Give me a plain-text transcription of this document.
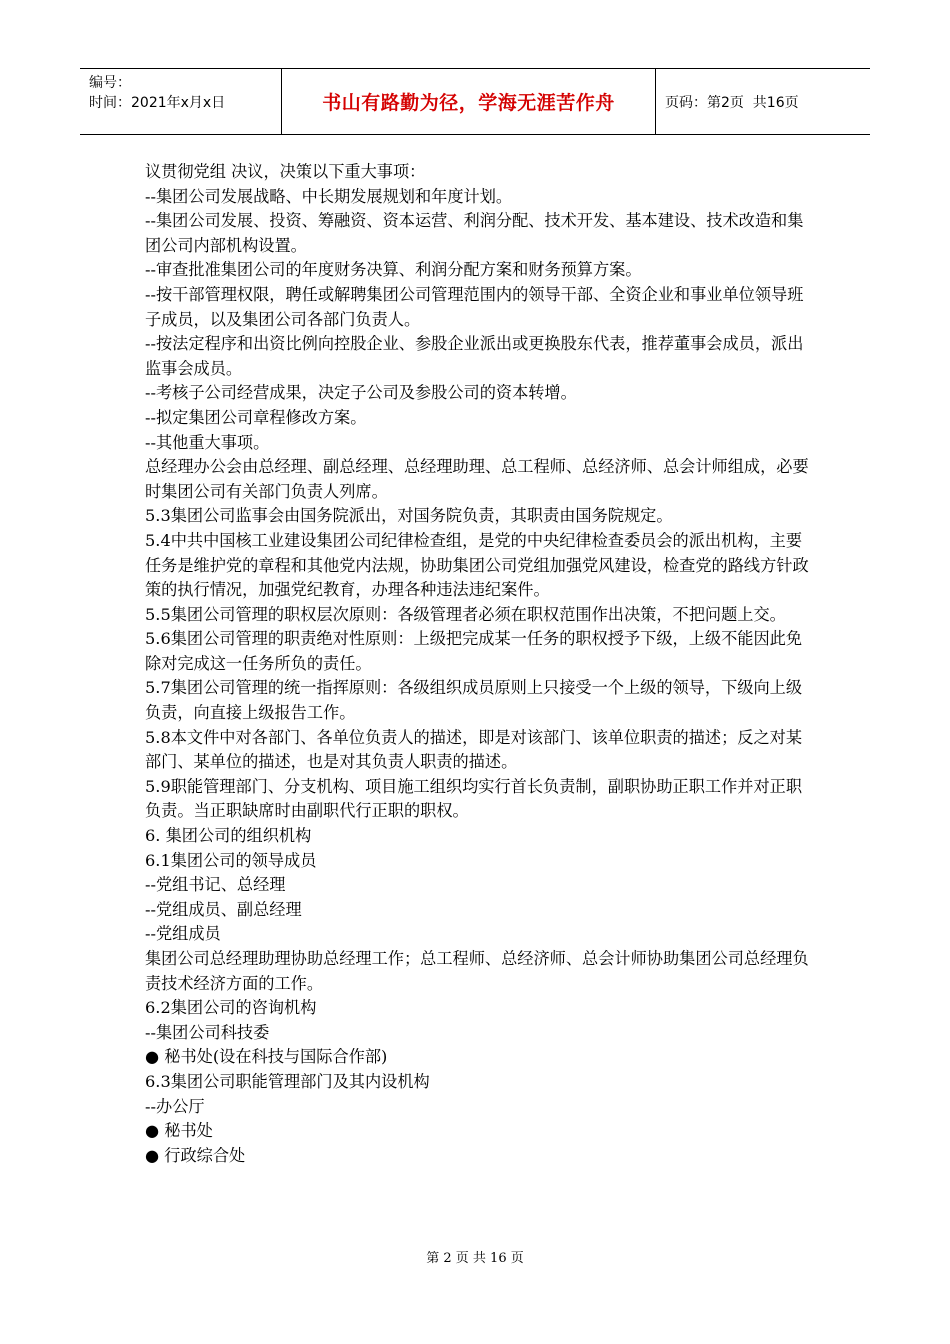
编号：
时间：2021年x月x日	书山有路勤为径，学海无涯苦作舟	页码：第2页  共16页

议贯彻党组 决议，决策以下重大事项：

--集团公司发展战略、中长期发展规划和年度计划。

--集团公司发展、投资、筹融资、资本运营、利润分配、技术开发、基本建设、技术改造和集团公司内部机构设置。

--审查批准集团公司的年度财务决算、利润分配方案和财务预算方案。

--按干部管理权限，聘任或解聘集团公司管理范围内的领导干部、全资企业和事业单位领导班子成员，以及集团公司各部门负责人。

--按法定程序和出资比例向控股企业、参股企业派出或更换股东代表，推荐董事会成员，派出监事会成员。

--考核子公司经营成果，决定子公司及参股公司的资本转增。

--拟定集团公司章程修改方案。

--其他重大事项。

总经理办公会由总经理、副总经理、总经理助理、总工程师、总经济师、总会计师组成，必要时集团公司有关部门负责人列席。

5.3集团公司监事会由国务院派出，对国务院负责，其职责由国务院规定。

5.4中共中国核工业建设集团公司纪律检查组，是党的中央纪律检查委员会的派出机构，主要任务是维护党的章程和其他党内法规，协助集团公司党组加强党风建设，检查党的路线方针政策的执行情况，加强党纪教育，办理各种违法违纪案件。

5.5集团公司管理的职权层次原则：各级管理者必须在职权范围作出决策，不把问题上交。

5.6集团公司管理的职责绝对性原则：上级把完成某一任务的职权授予下级，上级不能因此免除对完成这一任务所负的责任。

5.7集团公司管理的统一指挥原则：各级组织成员原则上只接受一个上级的领导，下级向上级负责，向直接上级报告工作。

5.8本文件中对各部门、各单位负责人的描述，即是对该部门、该单位职责的描述；反之对某部门、某单位的描述，也是对其负责人职责的描述。

5.9职能管理部门、分支机构、项目施工组织均实行首长负责制，副职协助正职工作并对正职负责。当正职缺席时由副职代行正职的职权。

6. 集团公司的组织机构

6.1集团公司的领导成员

--党组书记、总经理

--党组成员、副总经理

--党组成员

集团公司总经理助理协助总经理工作；总工程师、总经济师、总会计师协助集团公司总经理负责技术经济方面的工作。

6.2集团公司的咨询机构

--集团公司科技委

● 秘书处(设在科技与国际合作部)

6.3集团公司职能管理部门及其内设机构

--办公厅

● 秘书处

● 行政综合处

第 2 页 共 16 页
